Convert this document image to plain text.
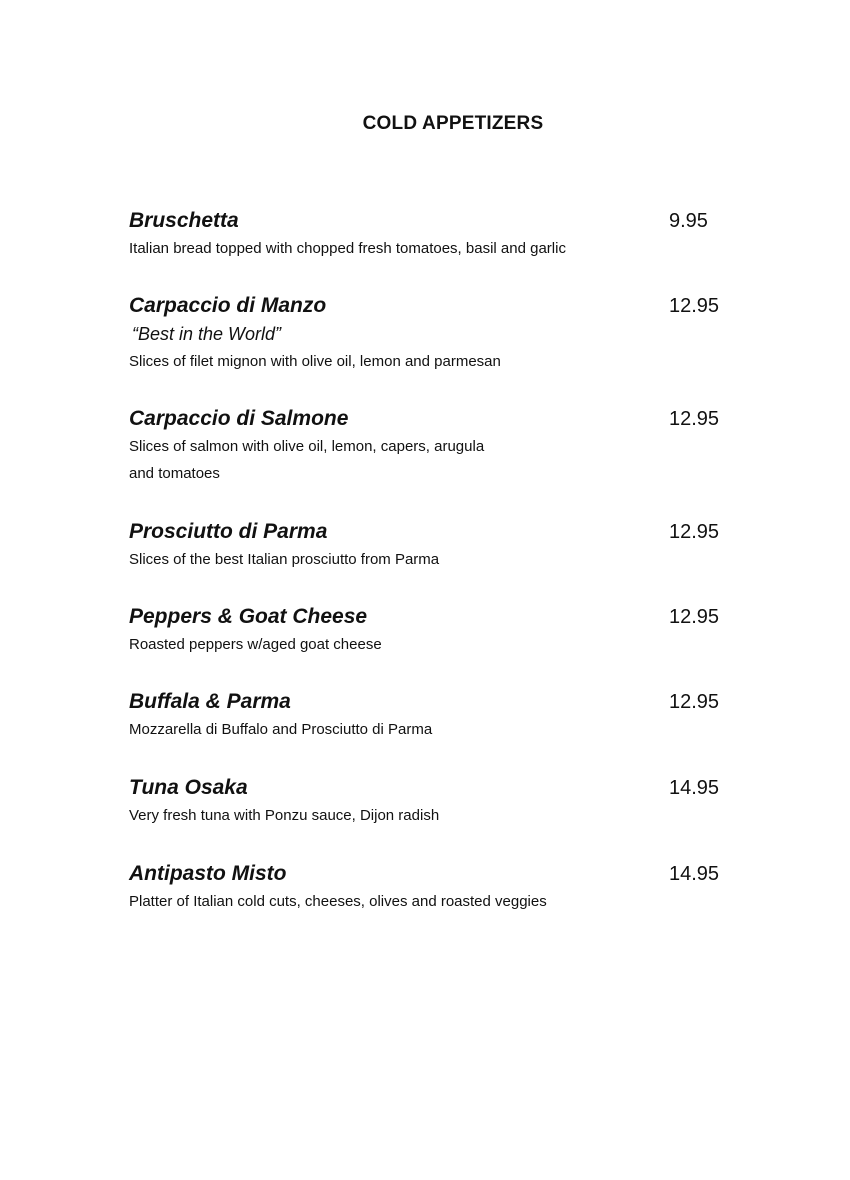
COLD APPETIZERS
Bruschetta	9.95
Italian bread topped with chopped fresh tomatoes, basil and garlic
Carpaccio di Manzo	12.95
“Best in the World”
Slices of filet mignon with olive oil, lemon and parmesan
Carpaccio di Salmone	12.95
Slices of salmon with olive oil, lemon, capers, arugula
and tomatoes
Prosciutto di Parma	12.95
Slices of the best Italian prosciutto from Parma
Peppers & Goat Cheese	12.95
Roasted peppers w/aged goat cheese
Buffala & Parma	12.95
Mozzarella di Buffalo and Prosciutto di Parma
Tuna Osaka	14.95
Very fresh tuna with Ponzu sauce, Dijon radish
Antipasto Misto	14.95
Platter of Italian cold cuts, cheeses, olives and roasted veggies
